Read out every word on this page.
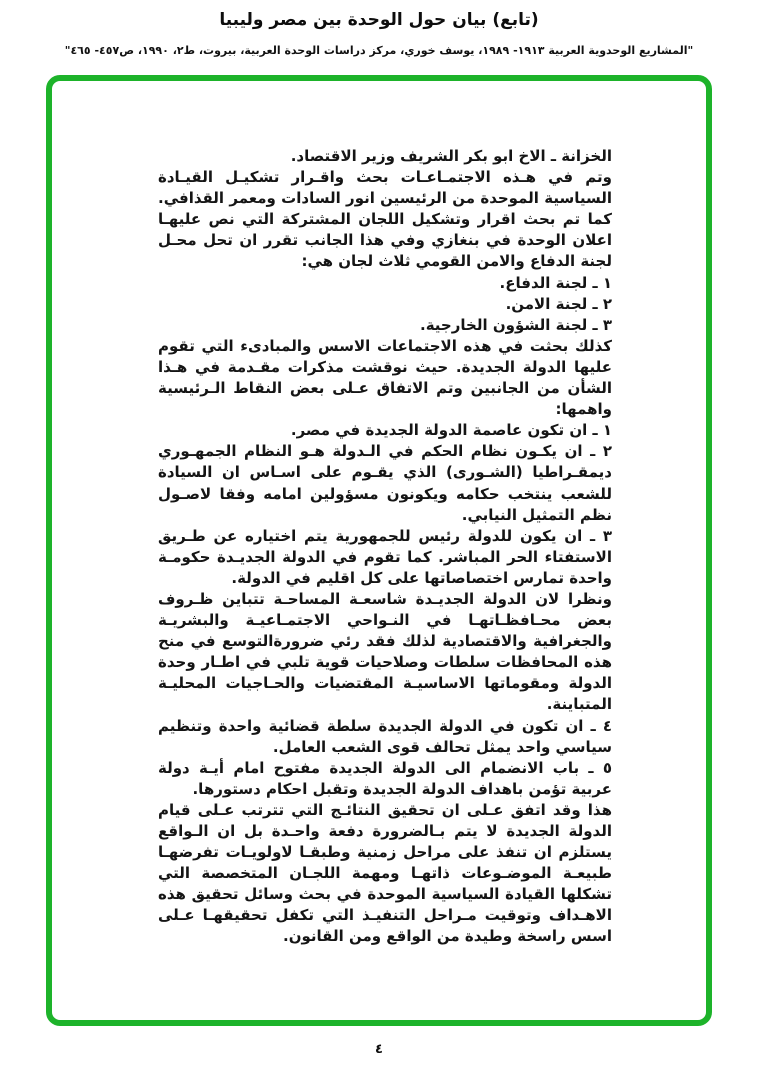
(تابع) بيان حول الوحدة بين مصر وليبيا
"المشاريع الوحدوية العربية ١٩١٣- ١٩٨٩، يوسف خوري، مركز دراسات الوحدة العربية، بيروت، ط٢، ١٩٩٠، ص٤٥٧- ٤٦٥"
الخزانة ـ الاخ ابو بكر الشريف وزير الاقتصاد.
وتم في هـذه الاجتمـاعـات بحث واقـرار تشكيـل القيـادة
السياسية الموحدة من الرئيسين انور السادات ومعمر القذافي.
كما تم بحث اقرار وتشكيل اللجان المشتركة التي نص عليهـا
اعلان الوحدة في بنغازي وفي هذا الجانب تقرر ان تحل محـل
لجنة الدفاع والامن القومي ثلاث لجان هي:
١ ـ لجنة الدفاع.
٢ ـ لجنة الامن.
٣ ـ لجنة الشؤون الخارجية.
كذلك بحثت في هذه الاجتماعات الاسس والمبادىء التي تقوم
عليها الدولة الجديدة. حيث نوقشت مذكرات مقـدمة في هـذا
الشأن من الجانبين وتم الاتفاق عـلى بعض النقاط الـرئيسية
واهمها:
١ ـ ان تكون عاصمة الدولة الجديدة في مصر.
٢ ـ ان يكـون نظام الحكم في الـدولة هـو النظام الجمهـوري
ديمقـراطيا (الشـورى) الذي يقـوم على اسـاس ان السيادة
للشعب ينتخب حكامه ويكونون مسؤولين امامه وفقا لاصـول
نظم التمثيل النيابي.
٣ ـ ان يكون للدولة رئيس للجمهورية يتم اختياره عن طـريق
الاستفتاء الحر المباشر. كما تقوم في الدولة الجديـدة حكومـة
واحدة تمارس اختصاصاتها على كل اقليم في الدولة.
ونظرا لان الدولة الجديـدة شاسعـة المساحـة تتباين ظـروف
بعض محـافظـاتهـا في النـواحي الاجتمـاعيـة والبشريـة
والجغرافية والاقتصادية لذلك فقد رئي ضرورةالتوسع في منح
هذه المحافظات سلطات وصلاحيات قوية تلبي في اطـار وحدة
الدولة ومقوماتها الاساسيـة المقتضيات والحـاجيات المحليـة
المتباينة.
٤ ـ ان تكون في الدولة الجديدة سلطة قضائية واحدة وتنظيم
سياسي واحد يمثل تحالف قوى الشعب العامل.
٥ ـ باب الانضمام الى الدولة الجديدة مفتوح امام أيـة دولة
عربية تؤمن باهداف الدولة الجديدة وتقبل احكام دستورها.
هذا وقد اتفق عـلى ان تحقيق النتائـج التي تترتب عـلى قيام
الدولة الجديدة لا يتم بـالضرورة دفعة واحـدة بل ان الـواقع
يستلزم ان تنفذ على مراحل زمنية وطبقـا لاولويـات تفرضهـا
طبيعـة الموضـوعات ذاتهـا ومهمة اللجـان المتخصصة التي
تشكلها القيادة السياسية الموحدة في بحث وسائل تحقيق هذه
الاهـداف وتوقيت مـراحل التنفيـذ التي تكفل تحقيقهـا عـلى
اسس راسخة وطيدة من الواقع ومن القانون.
٤
